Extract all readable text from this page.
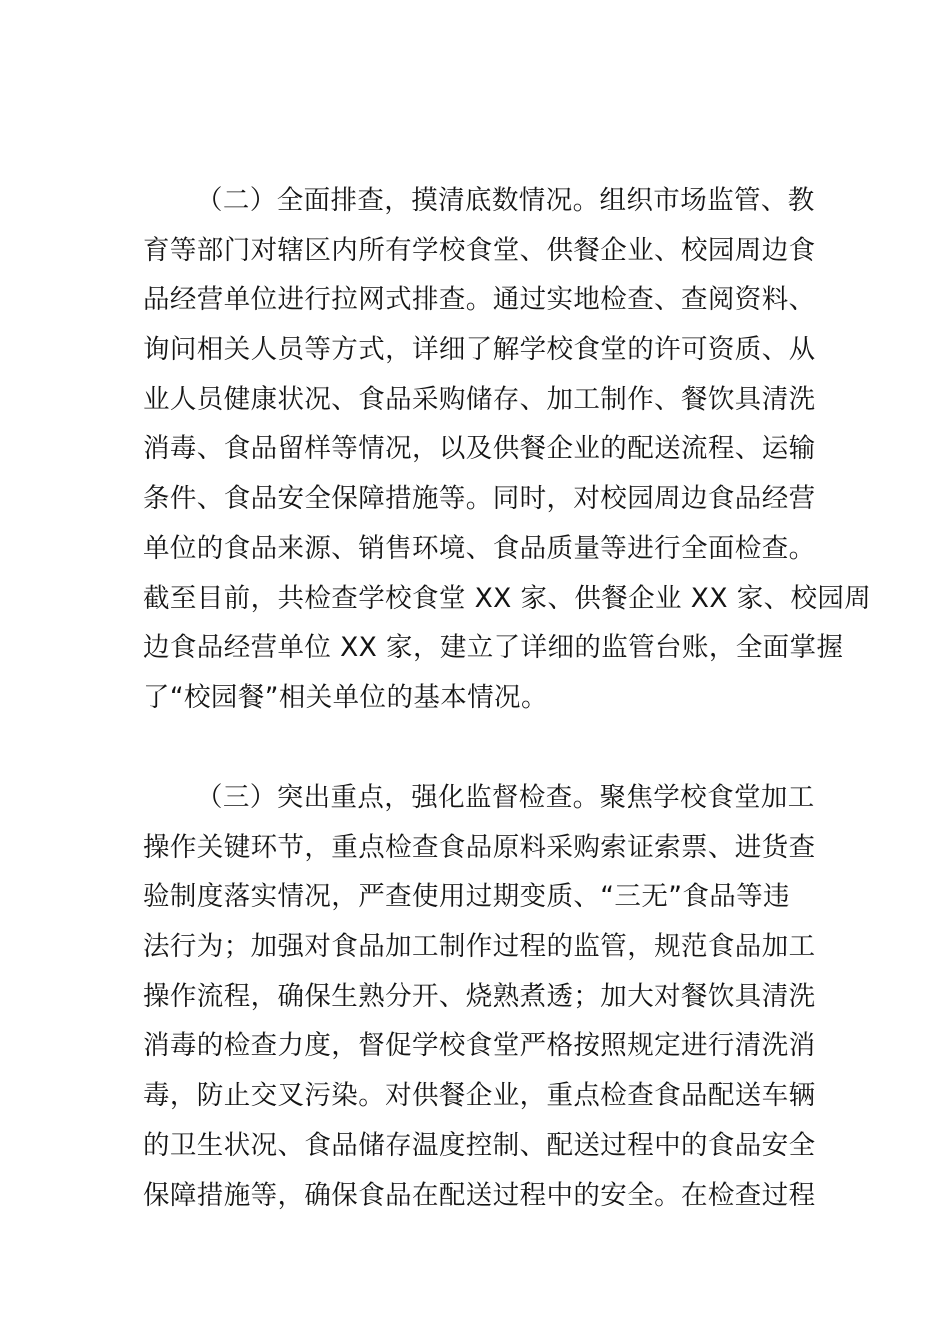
（二）全面排查，摸清底数情况。组织市场监管、教
育等部门对辖区内所有学校食堂、供餐企业、校园周边食
品经营单位进行拉网式排查。通过实地检查、查阅资料、
询问相关人员等方式，详细了解学校食堂的许可资质、从
业人员健康状况、食品采购储存、加工制作、餐饮具清洗
消毒、食品留样等情况，以及供餐企业的配送流程、运输
条件、食品安全保障措施等。同时，对校园周边食品经营
单位的食品来源、销售环境、食品质量等进行全面检查。
截至目前，共检查学校食堂 XX 家、供餐企业 XX 家、校园周
边食品经营单位 XX 家，建立了详细的监管台账，全面掌握
了“校园餐”相关单位的基本情况。
（三）突出重点，强化监督检查。聚焦学校食堂加工
操作关键环节，重点检查食品原料采购索证索票、进货查
验制度落实情况，严查使用过期变质、“三无”食品等违
法行为；加强对食品加工制作过程的监管，规范食品加工
操作流程，确保生熟分开、烧熟煮透；加大对餐饮具清洗
消毒的检查力度，督促学校食堂严格按照规定进行清洗消
毒，防止交叉污染。对供餐企业，重点检查食品配送车辆
的卫生状况、食品储存温度控制、配送过程中的食品安全
保障措施等，确保食品在配送过程中的安全。在检查过程
